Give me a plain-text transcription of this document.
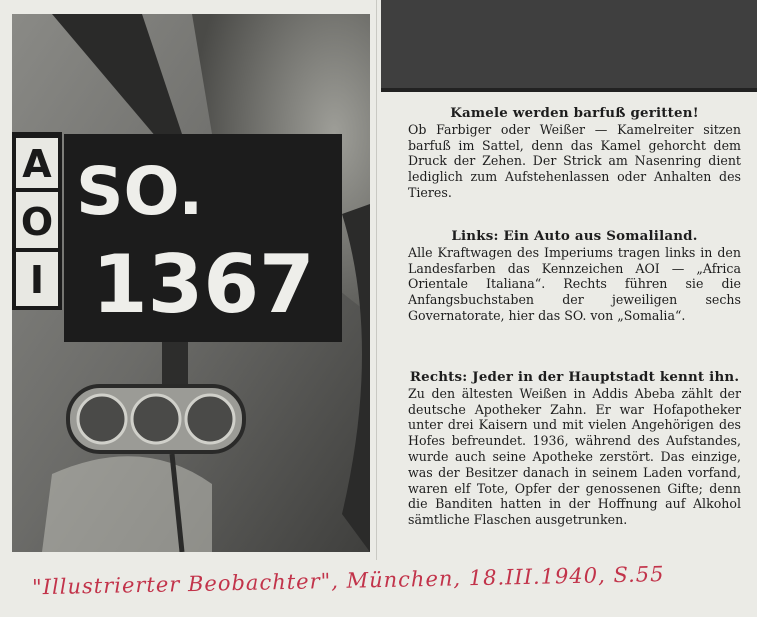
A
O
I
SO.
1367

Kamele werden barfuß geritten!

Ob Farbiger oder Weißer — Kamelreiter sitzen barfuß im Sattel, denn das Kamel gehorcht dem Druck der Zehen. Der Strick am Nasenring dient lediglich zum Aufstehenlassen oder Anhalten des Tieres.

Links: Ein Auto aus Somaliland.

Alle Kraftwagen des Imperiums tragen links in den Landesfarben das Kennzeichen AOI — „Africa Orientale Italiana“. Rechts führen sie die Anfangsbuchstaben der jeweiligen sechs Governatorate, hier das SO. von „Somalia“.

Rechts: Jeder in der Hauptstadt kennt ihn.

Zu den ältesten Weißen in Addis Abeba zählt der deutsche Apotheker Zahn. Er war Hofapotheker unter drei Kaisern und mit vielen Angehörigen des Hofes befreundet. 1936, während des Aufstandes, wurde auch seine Apotheke zerstört. Das einzige, was der Besitzer danach in seinem Laden vorfand, waren elf Tote, Opfer der genossenen Gifte; denn die Banditen hatten in der Hoffnung auf Alkohol sämtliche Flaschen ausgetrunken.

"Illustrierter Beobachter", München, 18.III.1940, S.55
